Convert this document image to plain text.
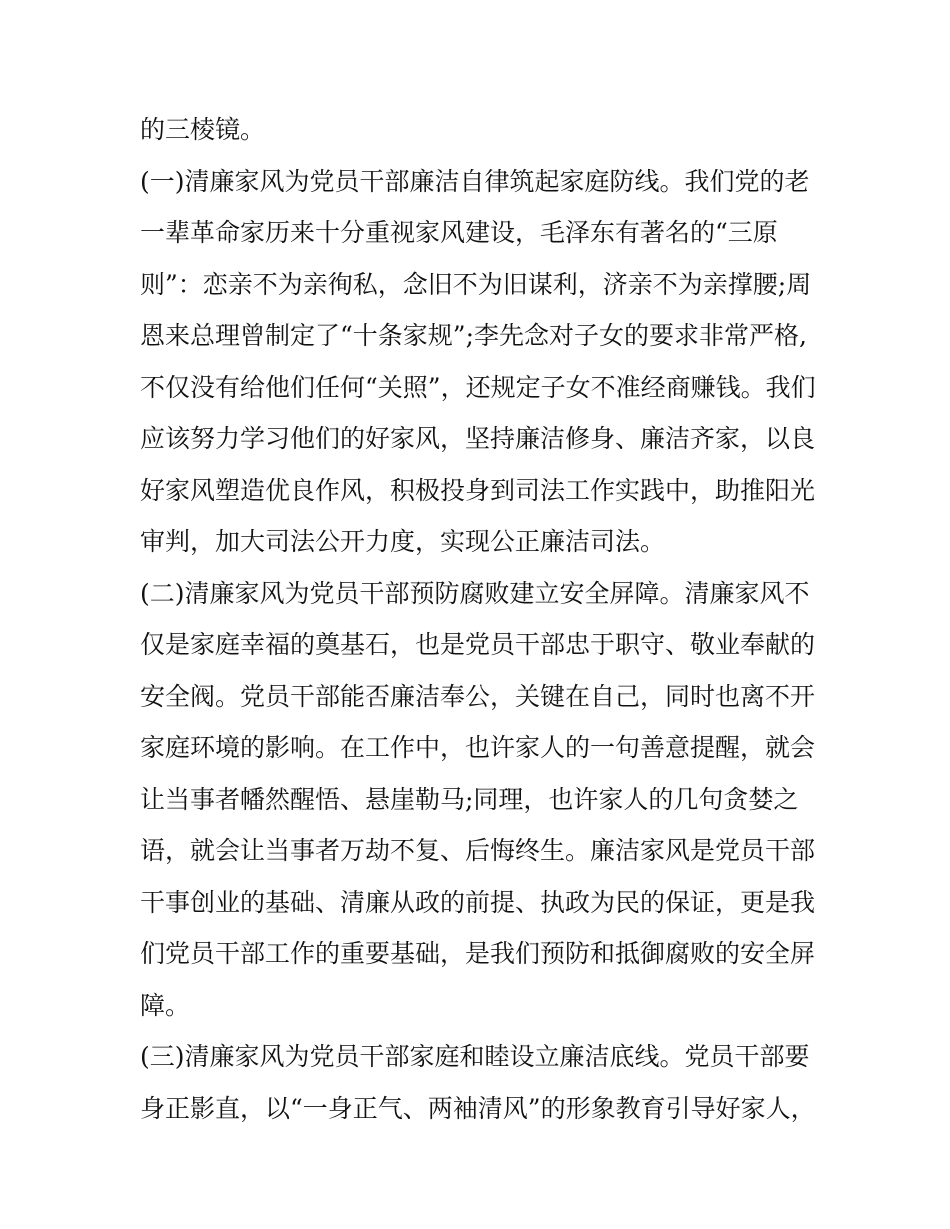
的三棱镜。
(一)清廉家风为党员干部廉洁自律筑起家庭防线。我们党的老
一辈革命家历来十分重视家风建设，毛泽东有著名的“三原
则”：恋亲不为亲徇私，念旧不为旧谋利，济亲不为亲撑腰;周
恩来总理曾制定了“十条家规”;李先念对子女的要求非常严格,
不仅没有给他们任何“关照”，还规定子女不准经商赚钱。我们
应该努力学习他们的好家风，坚持廉洁修身、廉洁齐家，以良
好家风塑造优良作风，积极投身到司法工作实践中，助推阳光
审判，加大司法公开力度，实现公正廉洁司法。
(二)清廉家风为党员干部预防腐败建立安全屏障。清廉家风不
仅是家庭幸福的奠基石，也是党员干部忠于职守、敬业奉献的
安全阀。党员干部能否廉洁奉公，关键在自己，同时也离不开
家庭环境的影响。在工作中，也许家人的一句善意提醒，就会
让当事者幡然醒悟、悬崖勒马;同理，也许家人的几句贪婪之
语，就会让当事者万劫不复、后悔终生。廉洁家风是党员干部
干事创业的基础、清廉从政的前提、执政为民的保证，更是我
们党员干部工作的重要基础，是我们预防和抵御腐败的安全屏
障。
(三)清廉家风为党员干部家庭和睦设立廉洁底线。党员干部要
身正影直，以“一身正气、两袖清风”的形象教育引导好家人，
